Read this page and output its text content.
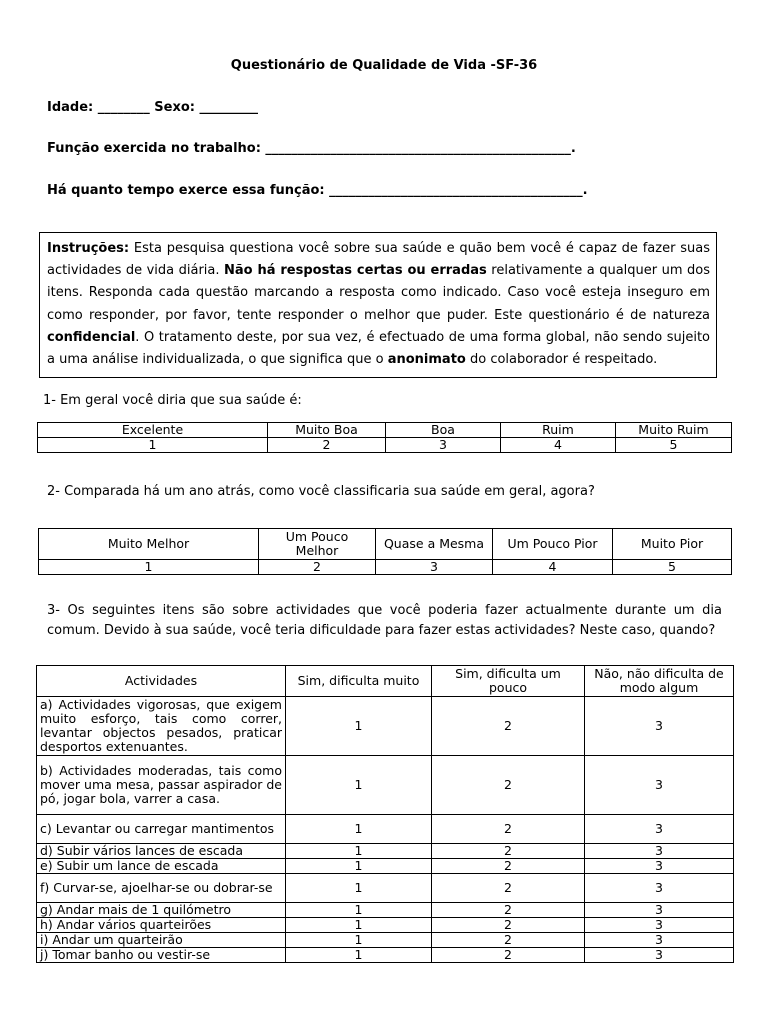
Questionário de Qualidade de Vida -SF-36
Idade: ________ Sexo: _________
Função exercida no trabalho: _______________________________________________.
Há quanto tempo exerce essa função: _______________________________________.
Instruções: Esta pesquisa questiona você sobre sua saúde e quão bem você é capaz de fazer suas actividades de vida diária. Não há respostas certas ou erradas relativamente a qualquer um dos itens. Responda cada questão marcando a resposta como indicado. Caso você esteja inseguro em como responder, por favor, tente responder o melhor que puder. Este questionário é de natureza confidencial. O tratamento deste, por sua vez, é efectuado de uma forma global, não sendo sujeito a uma análise individualizada, o que significa que o anonimato do colaborador é respeitado.
1- Em geral você diria que sua saúde é:
Excelente	Muito Boa	Boa	Ruim	Muito Ruim
1	2	3	4	5
2- Comparada há um ano atrás, como você classificaria sua saúde em geral, agora?
Muito Melhor	Um Pouco Melhor	Quase a Mesma	Um Pouco Pior	Muito Pior
1	2	3	4	5
3- Os seguintes itens são sobre actividades que você poderia fazer actualmente durante um dia comum. Devido à sua saúde, você teria dificuldade para fazer estas actividades? Neste caso, quando?
Actividades	Sim, dificulta muito	Sim, dificulta um pouco	Não, não dificulta de modo algum
a) Actividades vigorosas, que exigem muito esforço, tais como correr, levantar objectos pesados, praticar desportos extenuantes.	1	2	3
b) Actividades moderadas, tais como mover uma mesa, passar aspirador de pó, jogar bola, varrer a casa.	1	2	3
c) Levantar ou carregar mantimentos	1	2	3
d) Subir vários lances de escada	1	2	3
e) Subir um lance de escada	1	2	3
f) Curvar-se, ajoelhar-se ou dobrar-se	1	2	3
g) Andar mais de 1 quilómetro	1	2	3
h) Andar vários quarteirões	1	2	3
i) Andar um quarteirão	1	2	3
j) Tomar banho ou vestir-se	1	2	3
